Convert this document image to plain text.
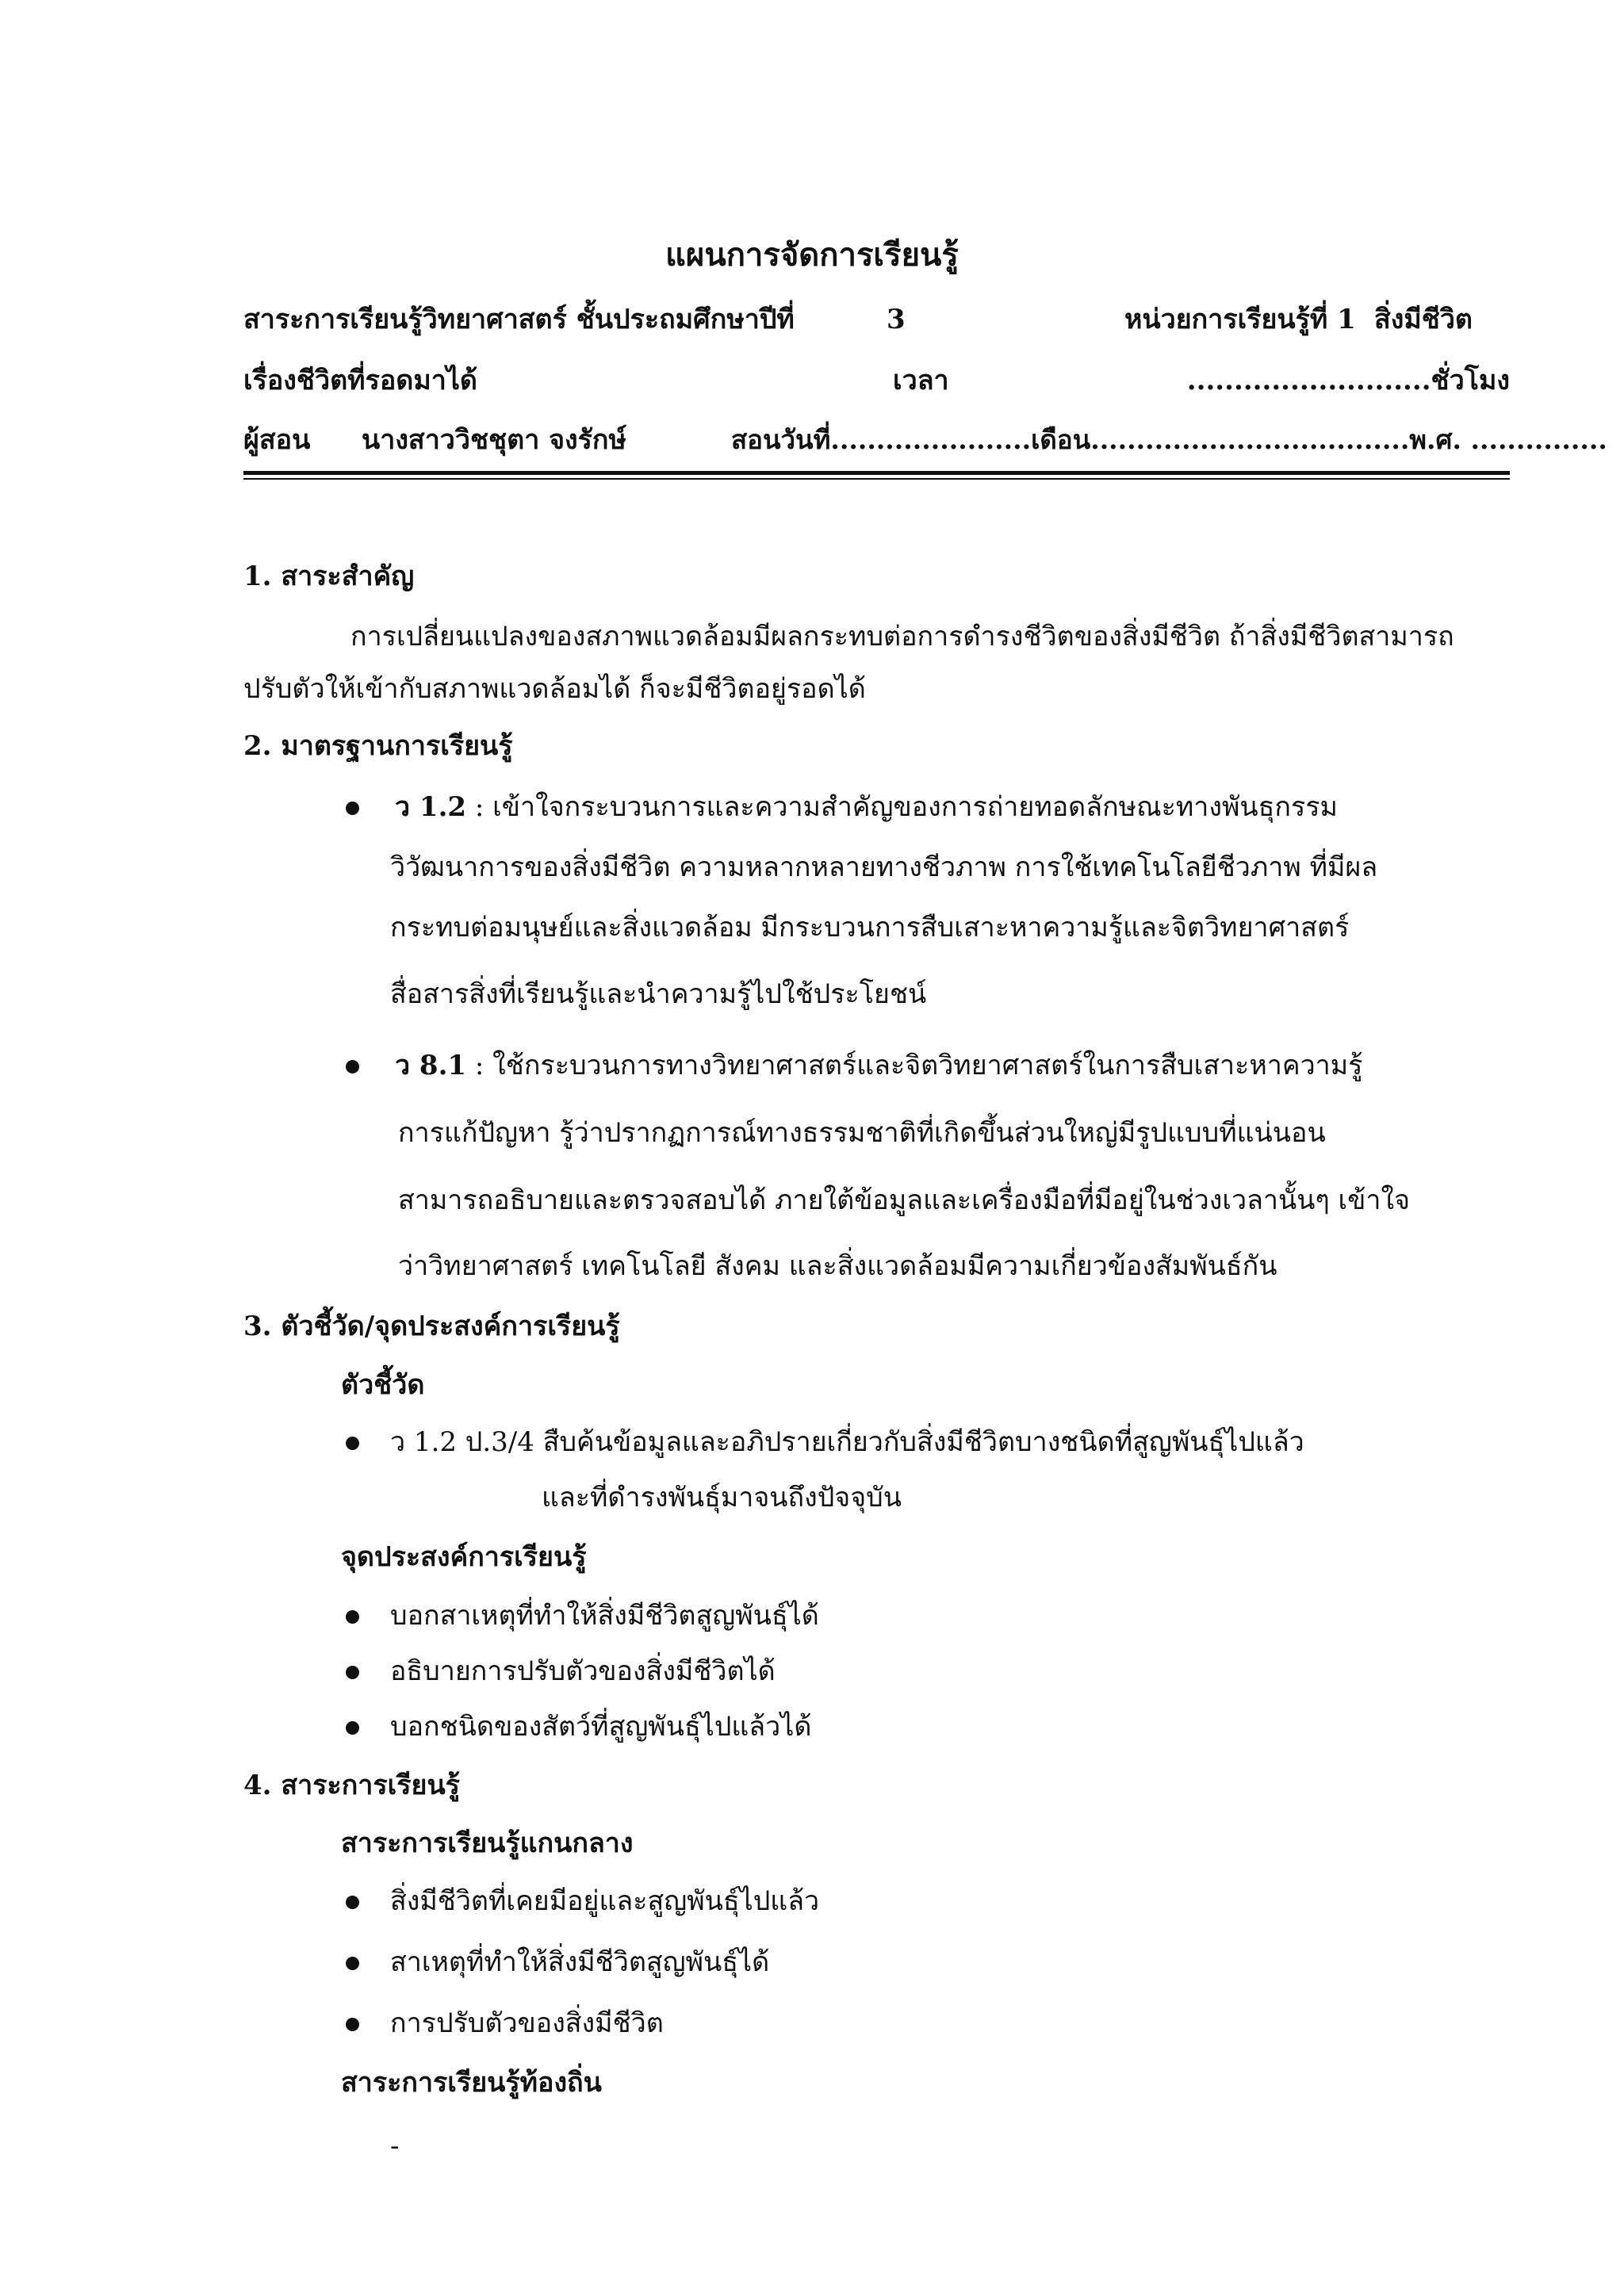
แผนการจัดการเรียนรู้
สาระการเรียนรู้วิทยาศาสตร์ ชั้นประถมศึกษาปีที่	3	หน่วยการเรียนรู้ที่ 1 สิ่งมีชีวิต
เรื่องชีวิตที่รอดมาได้	เวลา	..........................ชั่วโมง
ผู้สอน นางสาววิชชุตา จงรักษ์	สอนวันที่......................เดือน...................................พ.ศ. ...............
1. สาระสำคัญ
การเปลี่ยนแปลงของสภาพแวดล้อมมีผลกระทบต่อการดำรงชีวิตของสิ่งมีชีวิต ถ้าสิ่งมีชีวิตสามารถ
ปรับตัวให้เข้ากับสภาพแวดล้อมได้ ก็จะมีชีวิตอยู่รอดได้
2. มาตรฐานการเรียนรู้
ว 1.2 : เข้าใจกระบวนการและความสำคัญของการถ่ายทอดลักษณะทางพันธุกรรม
วิวัฒนาการของสิ่งมีชีวิต ความหลากหลายทางชีวภาพ การใช้เทคโนโลยีชีวภาพ ที่มีผล
กระทบต่อมนุษย์และสิ่งแวดล้อม มีกระบวนการสืบเสาะหาความรู้และจิตวิทยาศาสตร์
สื่อสารสิ่งที่เรียนรู้และนำความรู้ไปใช้ประโยชน์
ว 8.1 : ใช้กระบวนการทางวิทยาศาสตร์และจิตวิทยาศาสตร์ในการสืบเสาะหาความรู้
การแก้ปัญหา รู้ว่าปรากฏการณ์ทางธรรมชาติที่เกิดขึ้นส่วนใหญ่มีรูปแบบที่แน่นอน
สามารถอธิบายและตรวจสอบได้ ภายใต้ข้อมูลและเครื่องมือที่มีอยู่ในช่วงเวลานั้นๆ เข้าใจ
ว่าวิทยาศาสตร์ เทคโนโลยี สังคม และสิ่งแวดล้อมมีความเกี่ยวข้องสัมพันธ์กัน
3. ตัวชี้วัด/จุดประสงค์การเรียนรู้
ตัวชี้วัด
ว 1.2 ป.3/4 สืบค้นข้อมูลและอภิปรายเกี่ยวกับสิ่งมีชีวิตบางชนิดที่สูญพันธุ์ไปแล้ว
และที่ดำรงพันธุ์มาจนถึงปัจจุบัน
จุดประสงค์การเรียนรู้
บอกสาเหตุที่ทำให้สิ่งมีชีวิตสูญพันธุ์ได้
อธิบายการปรับตัวของสิ่งมีชีวิตได้
บอกชนิดของสัตว์ที่สูญพันธุ์ไปแล้วได้
4. สาระการเรียนรู้
สาระการเรียนรู้แกนกลาง
สิ่งมีชีวิตที่เคยมีอยู่และสูญพันธุ์ไปแล้ว
สาเหตุที่ทำให้สิ่งมีชีวิตสูญพันธุ์ได้
การปรับตัวของสิ่งมีชีวิต
สาระการเรียนรู้ท้องถิ่น
-
